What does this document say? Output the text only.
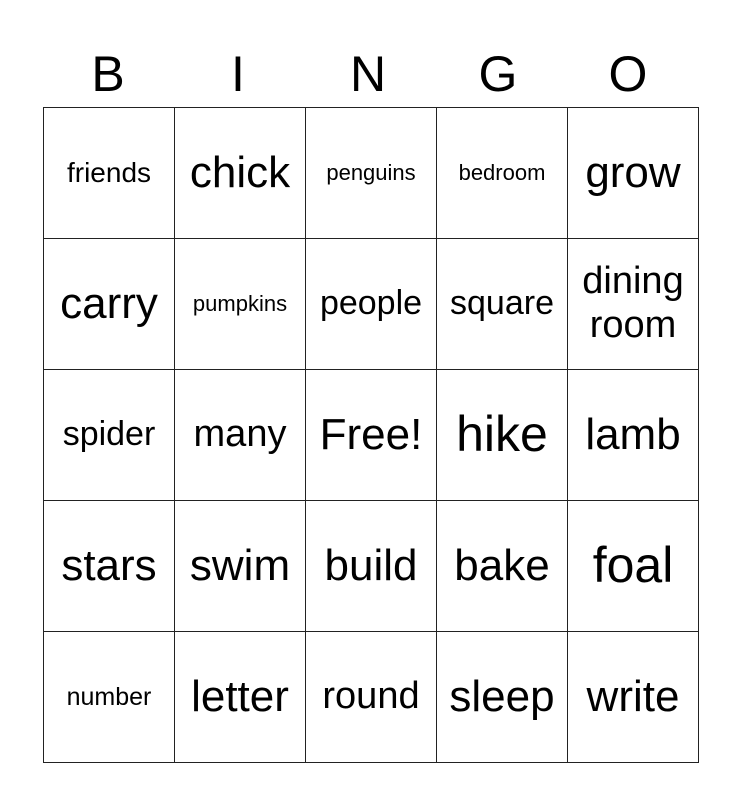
B	I	N	G	O
friends	chick	penguins	bedroom	grow
carry	pumpkins	people	square	dining room
spider	many	Free!	hike	lamb
stars	swim	build	bake	foal
number	letter	round	sleep	write
